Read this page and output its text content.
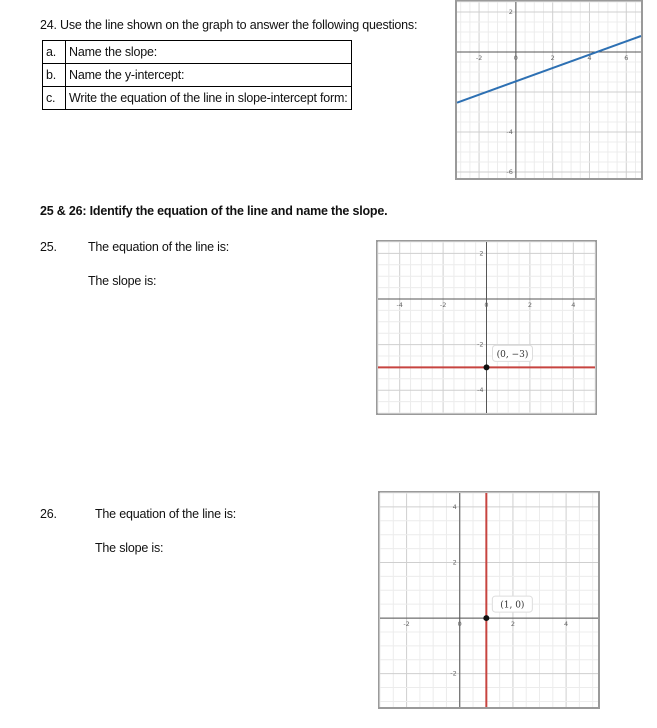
24. Use the line shown on the graph to answer the following questions:
a.	Name the slope:
b.	Name the y-intercept:
c.	Write the equation of the line in slope-intercept form:
-2	0	2	4	6
2
-4
-6
25 & 26: Identify the equation of the line and name the slope.
25. The equation of the line is:
The slope is:
-4	-2	0	2	4
2
-2
-4
(0, −3)
26.	The equation of the line is:
The slope is:
-2	0	2	4
4
2
-2
(1, 0)
